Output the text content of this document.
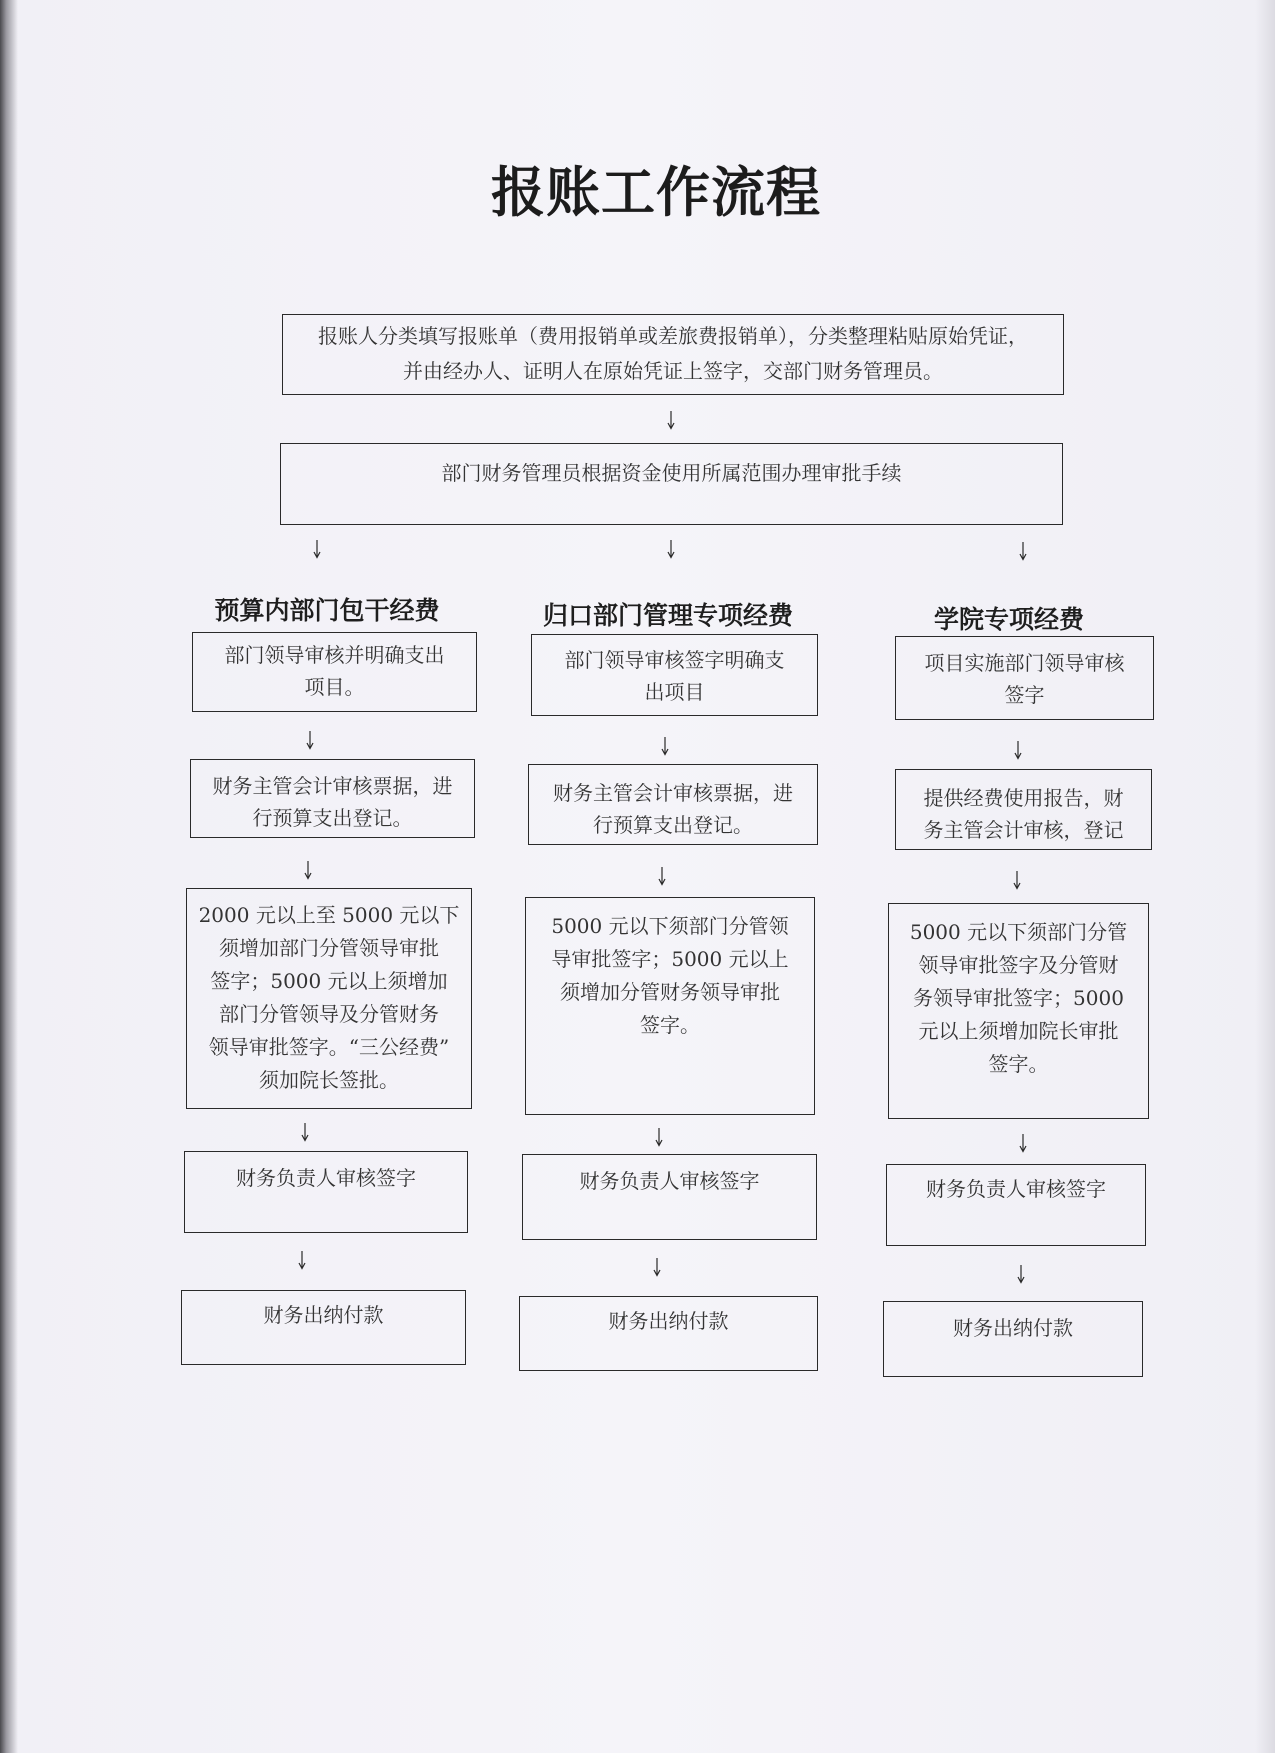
报账工作流程
报账人分类填写报账单（费用报销单或差旅费报销单），分类整理粘贴原始凭证，
并由经办人、证明人在原始凭证上签字，交部门财务管理员。
部门财务管理员根据资金使用所属范围办理审批手续
预算内部门包干经费	归口部门管理专项经费	学院专项经费
部门领导审核并明确支出
项目。
财务主管会计审核票据，进
行预算支出登记。
2000 元以上至 5000 元以下
须增加部门分管领导审批
签字；5000 元以上须增加
部门分管领导及分管财务
领导审批签字。“三公经费”
须加院长签批。
财务负责人审核签字
财务出纳付款
部门领导审核签字明确支
出项目
财务主管会计审核票据，进
行预算支出登记。
5000 元以下须部门分管领
导审批签字；5000 元以上
须增加分管财务领导审批
签字。
财务负责人审核签字
财务出纳付款
项目实施部门领导审核
签字
提供经费使用报告，财
务主管会计审核，登记
5000 元以下须部门分管
领导审批签字及分管财
务领导审批签字；5000
元以上须增加院长审批
签字。
财务负责人审核签字
财务出纳付款
